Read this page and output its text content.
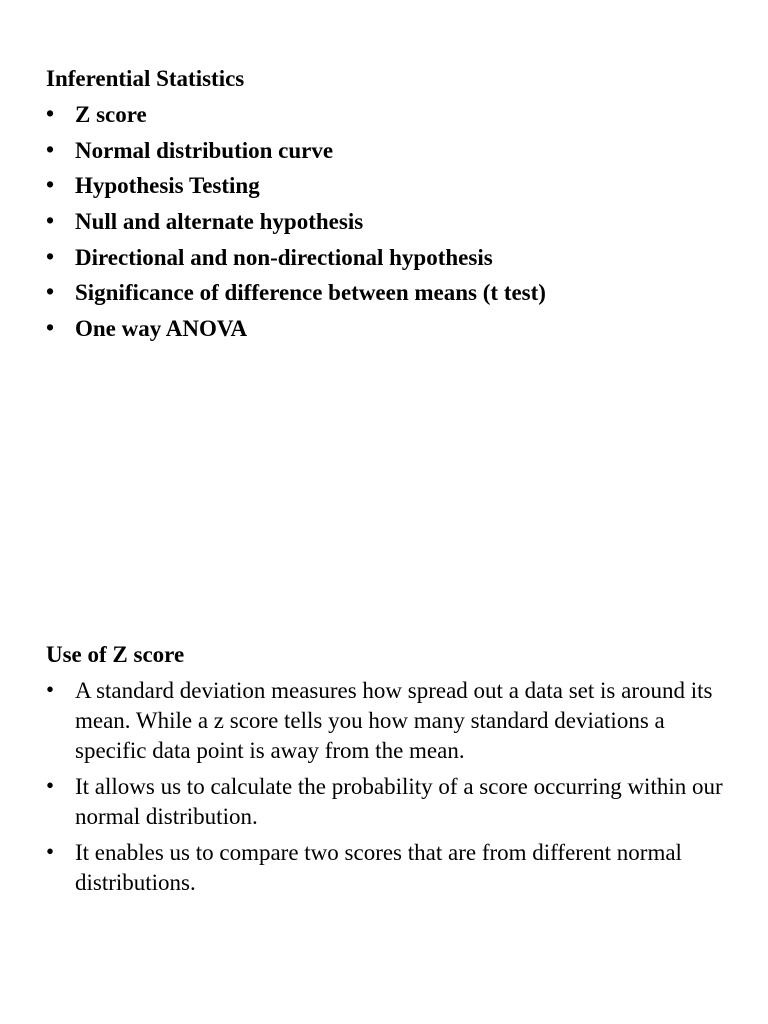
Inferential Statistics
• Z score
• Normal distribution curve
• Hypothesis Testing
• Null and alternate hypothesis
• Directional and non-directional hypothesis
• Significance of difference between means (t test)
• One way ANOVA
Use of Z score
• A standard deviation measures how spread out a data set is around its mean. While a z score tells you how many standard deviations a specific data point is away from the mean.
• It allows us to calculate the probability of a score occurring within our normal distribution.
• It enables us to compare two scores that are from different normal distributions.
